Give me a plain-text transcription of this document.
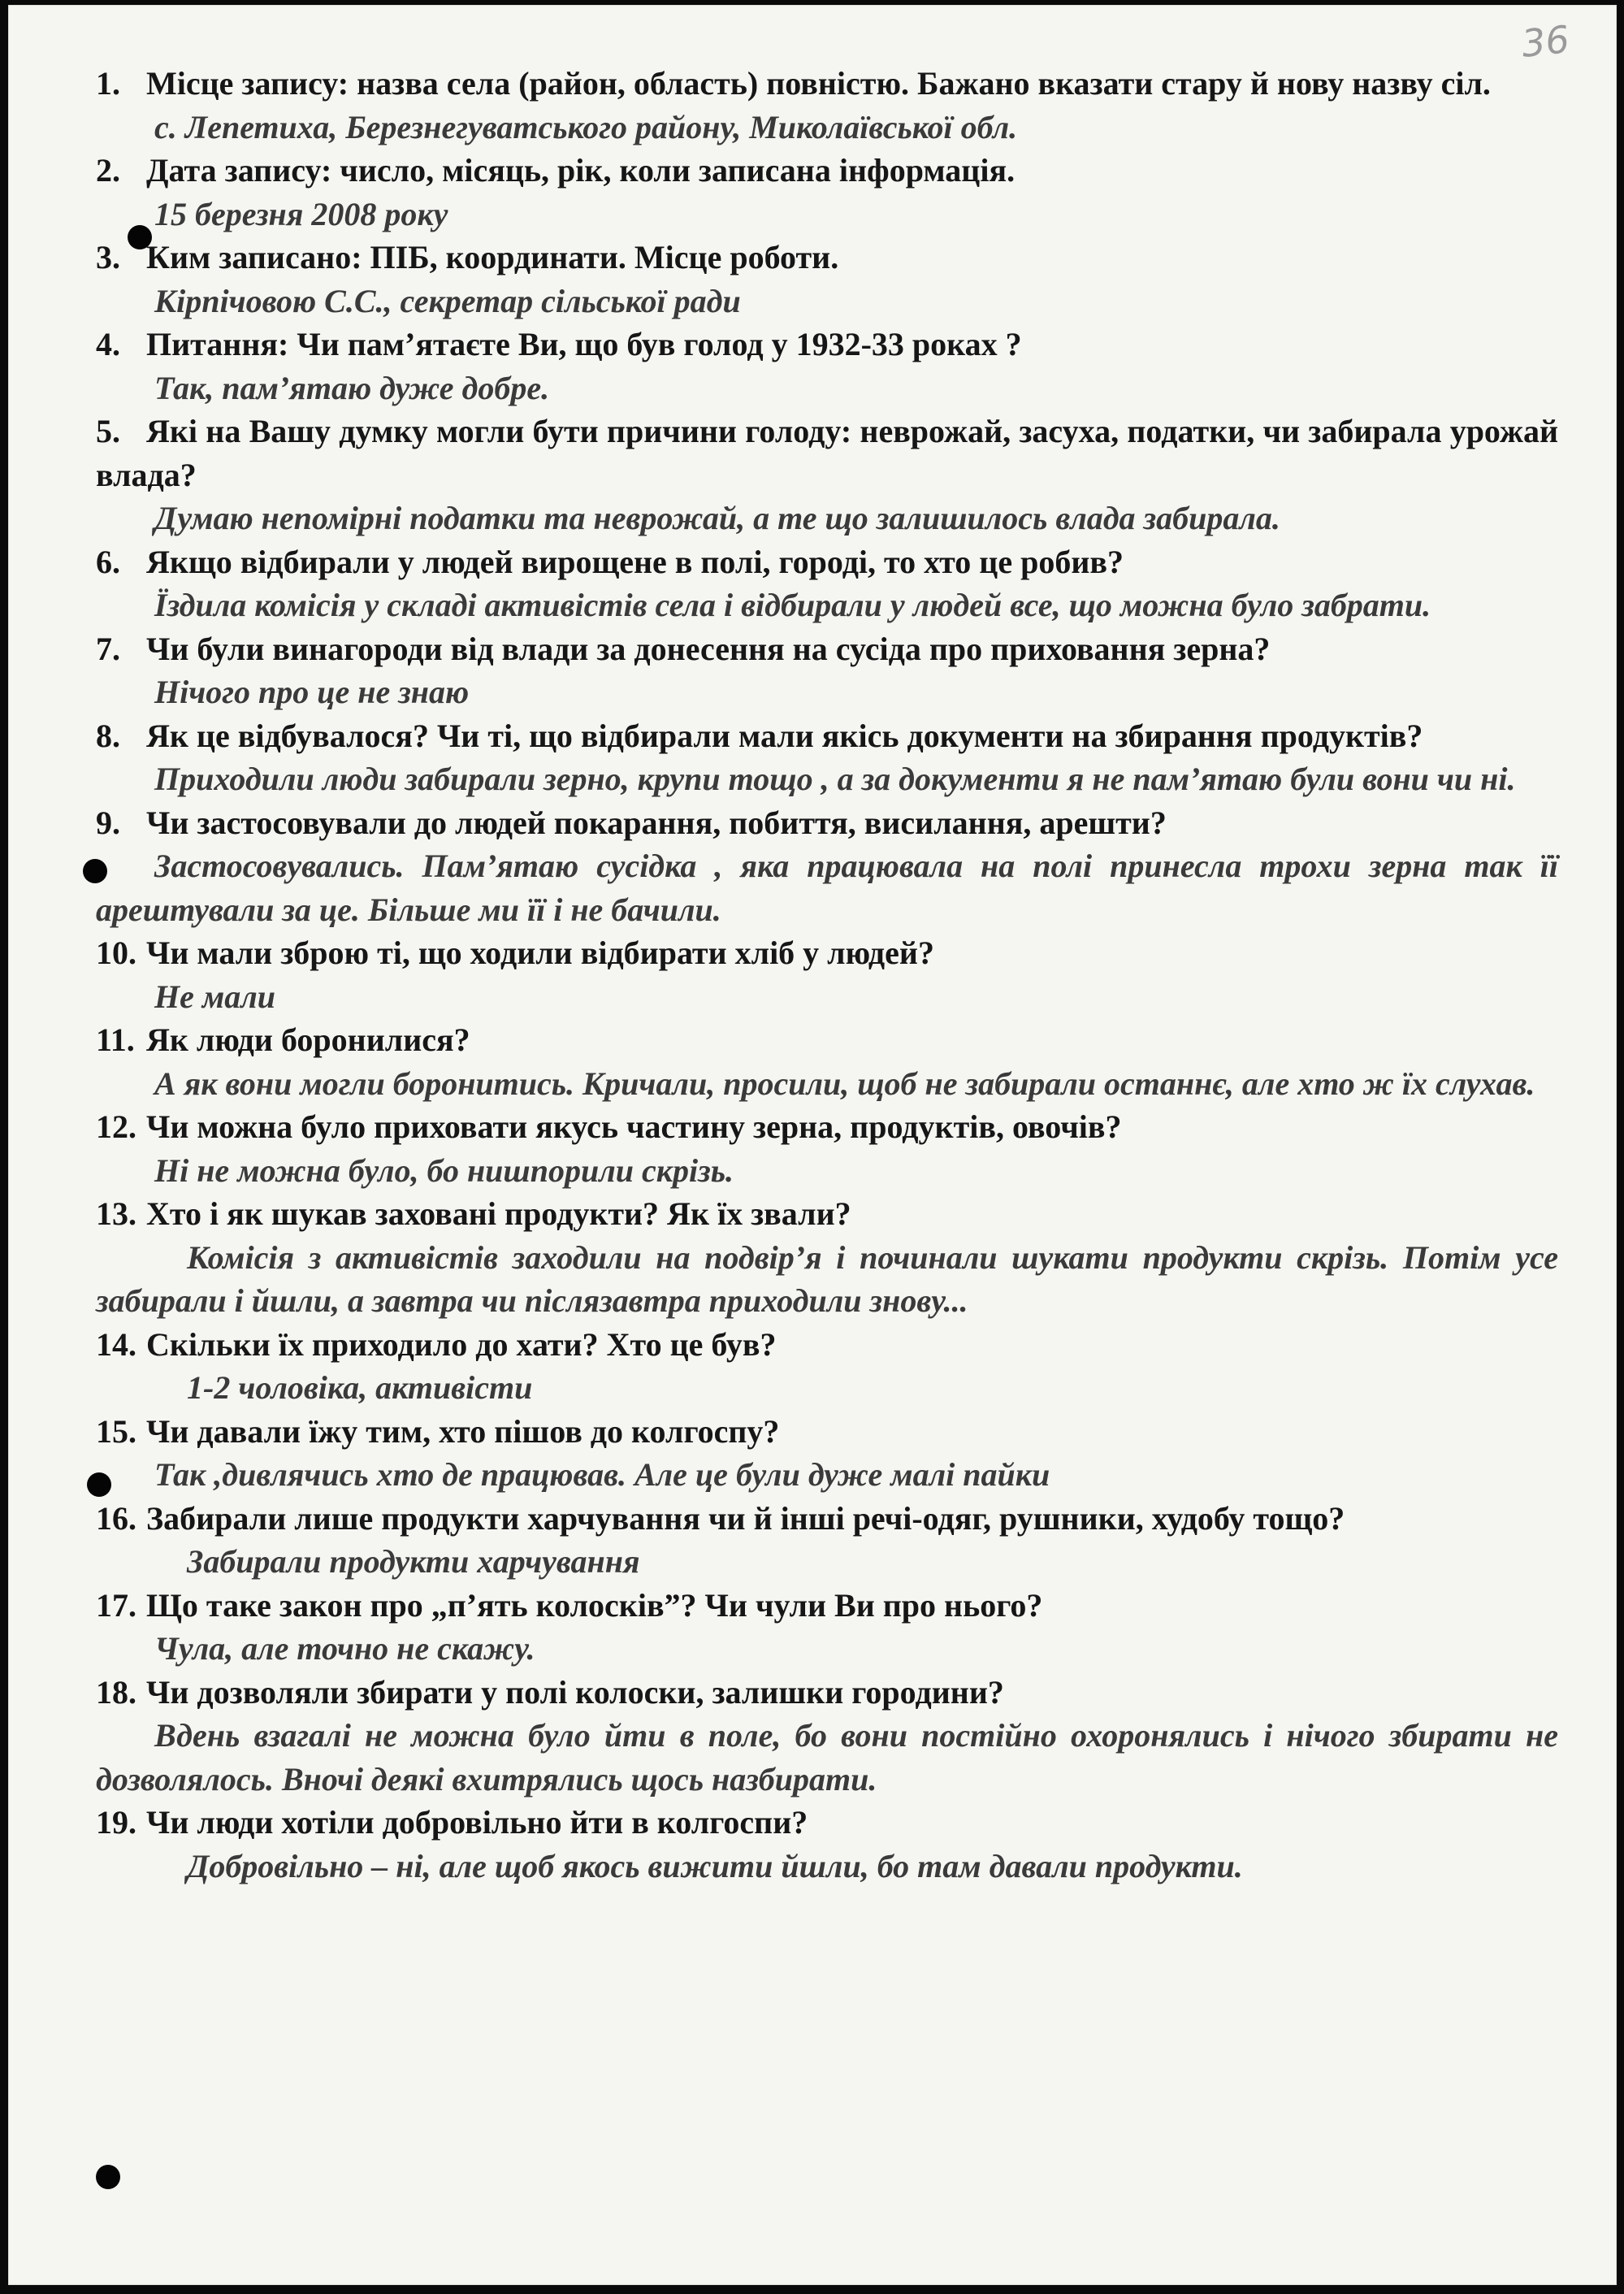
36

1. Місце запису: назва села (район, область) повністю. Бажано вказати стару й нову назву сіл.

с. Лепетиха, Березнегуватського району, Миколаївської обл.

2. Дата запису: число, місяць, рік, коли записана інформація.

15 березня 2008 року

3. Ким записано: ПІБ, координати. Місце роботи.

Кірпічовою С.С., секретар сільської ради

4. Питання: Чи пам’ятаєте Ви, що був голод у 1932-33 роках ?

Так, пам’ятаю дуже добре.

5. Які на Вашу думку могли бути причини голоду: неврожай, засуха, податки, чи забирала урожай влада?

Думаю непомірні податки та неврожай, а те що залишилось влада забирала.

6. Якщо відбирали у людей вирощене в полі, городі, то хто це робив?

Їздила комісія у складі активістів села і відбирали у людей все, що можна було забрати.

7. Чи були винагороди від влади за донесення на сусіда про приховання зерна?

Нічого про це не знаю

8. Як це відбувалося? Чи ті, що відбирали мали якісь документи на збирання продуктів?

Приходили люди забирали зерно, крупи тощо , а за документи я не пам’ятаю були вони чи ні.

9. Чи застосовували до людей покарання, побиття, висилання, арешти?

Застосовувались. Пам’ятаю сусідка , яка працювала на полі принесла трохи зерна так її арештували за це. Більше ми її і не бачили.

10. Чи мали зброю ті, що ходили відбирати хліб у людей?

Не мали

11. Як люди боронилися?

А як вони могли боронитись. Кричали, просили, щоб не забирали останнє, але хто ж їх слухав.

12. Чи можна було приховати якусь частину зерна, продуктів, овочів?

Ні не можна було, бо нишпорили скрізь.

13. Хто і як шукав заховані продукти? Як їх звали?

Комісія з активістів заходили на подвір’я і починали шукати продукти скрізь. Потім усе забирали і йшли, а завтра чи післязавтра приходили знову...

14. Скільки їх приходило до хати? Хто це був?

1-2 чоловіка, активісти

15. Чи давали їжу тим, хто пішов до колгоспу?

Так ,дивлячись хто де працював. Але це були дуже малі пайки

16. Забирали лише продукти харчування чи й інші речі-одяг, рушники, худобу тощо?

Забирали продукти харчування

17. Що таке закон про „п’ять колосків”? Чи чули Ви про нього?

Чула, але точно не скажу.

18. Чи дозволяли збирати у полі колоски, залишки городини?

Вдень взагалі не можна було йти в поле, бо вони постійно охоронялись і нічого збирати не дозволялось. Вночі деякі вхитрялись щось назбирати.

19. Чи люди хотіли добровільно йти в колгоспи?

Добровільно – ні, але щоб якось вижити йшли, бо там давали продукти.
